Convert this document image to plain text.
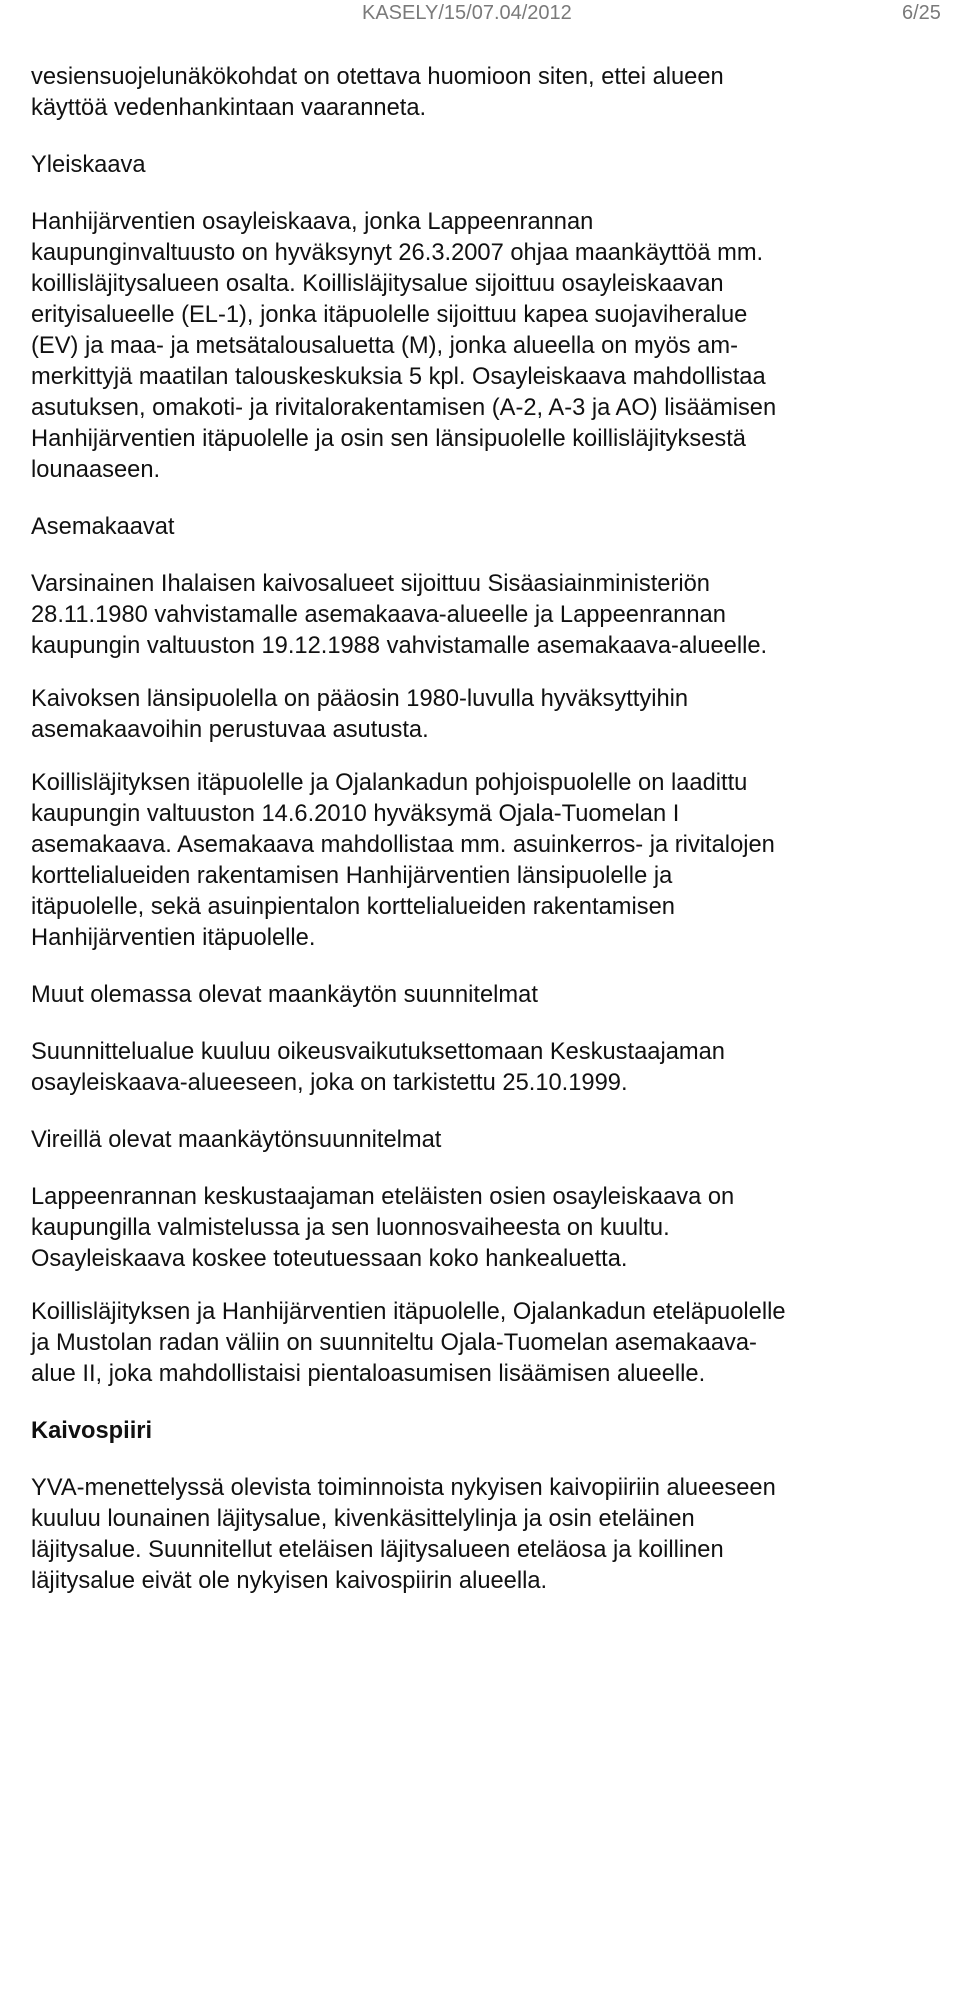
KASELY/15/07.04/2012	6/25

vesiensuojelunäkökohdat on otettava huomioon siten, ettei alueen
käyttöä vedenhankintaan vaaranneta.

Yleiskaava

Hanhijärventien osayleiskaava, jonka Lappeenrannan
kaupunginvaltuusto on hyväksynyt 26.3.2007 ohjaa maankäyttöä mm.
koillisläjitysalueen osalta. Koillisläjitysalue sijoittuu osayleiskaavan
erityisalueelle (EL-1), jonka itäpuolelle sijoittuu kapea suojaviheralue
(EV) ja maa- ja metsätalousaluetta (M), jonka alueella on myös am-
merkittyjä maatilan talouskeskuksia 5 kpl. Osayleiskaava mahdollistaa
asutuksen, omakoti- ja rivitalorakentamisen (A-2, A-3 ja AO) lisäämisen
Hanhijärventien itäpuolelle ja osin sen länsipuolelle koillisläjityksestä
lounaaseen.

Asemakaavat

Varsinainen Ihalaisen kaivosalueet sijoittuu Sisäasiainministeriön
28.11.1980 vahvistamalle asemakaava-alueelle ja Lappeenrannan
kaupungin valtuuston 19.12.1988 vahvistamalle asemakaava-alueelle.

Kaivoksen länsipuolella on pääosin 1980-luvulla hyväksyttyihin
asemakaavoihin perustuvaa asutusta.

Koillisläjityksen itäpuolelle ja Ojalankadun pohjoispuolelle on laadittu
kaupungin valtuuston 14.6.2010 hyväksymä Ojala-Tuomelan I
asemakaava. Asemakaava mahdollistaa mm. asuinkerros- ja rivitalojen
korttelialueiden rakentamisen Hanhijärventien länsipuolelle ja
itäpuolelle, sekä asuinpientalon korttelialueiden rakentamisen
Hanhijärventien itäpuolelle.

Muut olemassa olevat maankäytön suunnitelmat

Suunnittelualue kuuluu oikeusvaikutuksettomaan Keskustaajaman
osayleiskaava-alueeseen, joka on tarkistettu 25.10.1999.

Vireillä olevat maankäytönsuunnitelmat

Lappeenrannan keskustaajaman eteläisten osien osayleiskaava on
kaupungilla valmistelussa ja sen luonnosvaiheesta on kuultu.
Osayleiskaava koskee toteutuessaan koko hankealuetta.

Koillisläjityksen ja Hanhijärventien itäpuolelle, Ojalankadun eteläpuolelle
ja Mustolan radan väliin on suunniteltu Ojala-Tuomelan asemakaava-
alue II, joka mahdollistaisi pientaloasumisen lisäämisen alueelle.

Kaivospiiri

YVA-menettelyssä olevista toiminnoista nykyisen kaivopiiriin alueeseen
kuuluu lounainen läjitysalue, kivenkäsittelylinja ja osin eteläinen
läjitysalue. Suunnitellut eteläisen läjitysalueen eteläosa ja koillinen
läjitysalue eivät ole nykyisen kaivospiirin alueella.
